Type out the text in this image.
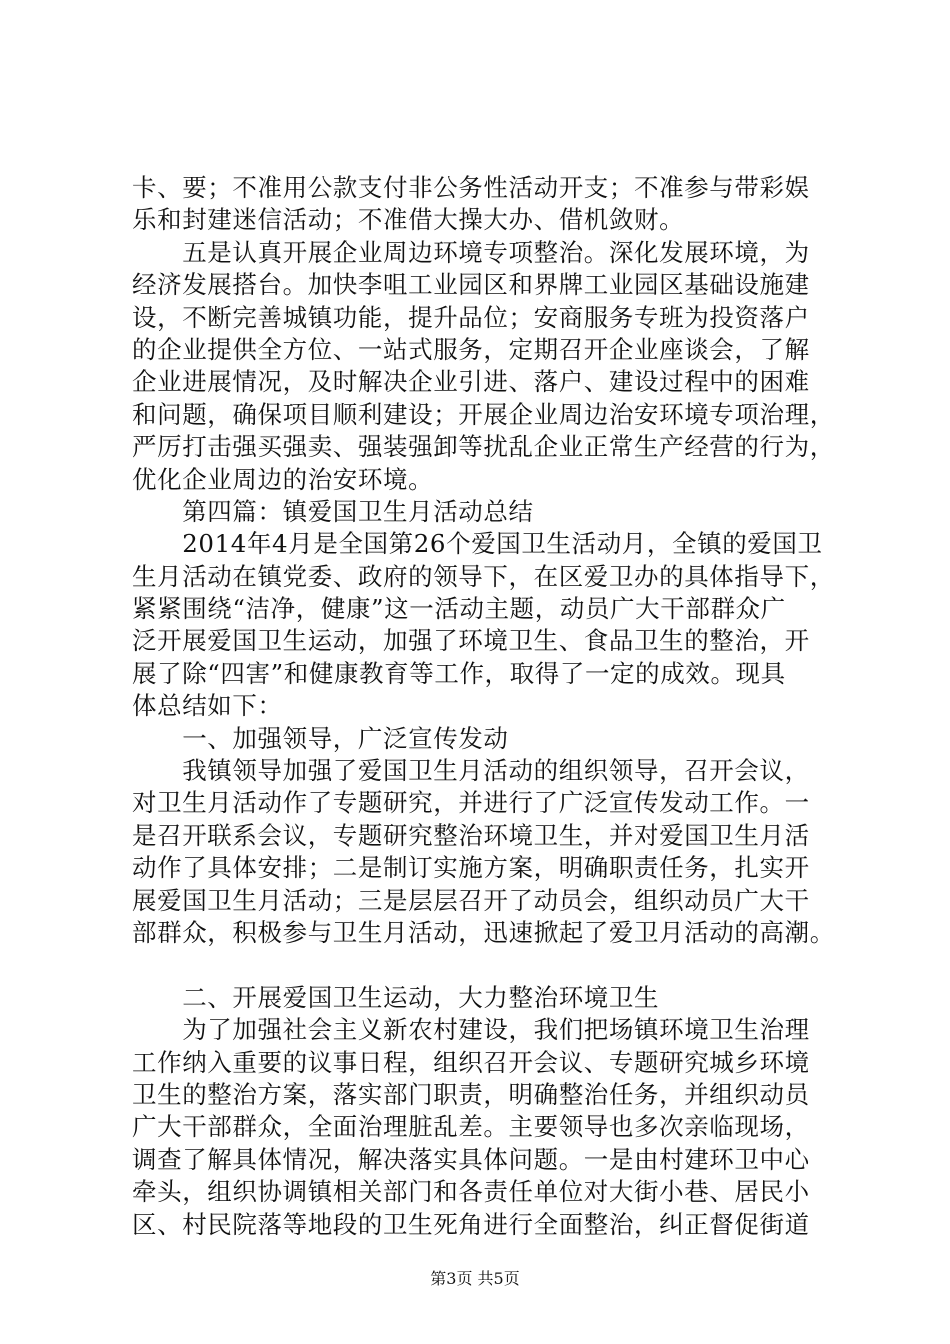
卡、要；不准用公款支付非公务性活动开支；不准参与带彩娱
乐和封建迷信活动；不准借大操大办、借机敛财。
　　五是认真开展企业周边环境专项整治。深化发展环境，为
经济发展搭台。加快李咀工业园区和界牌工业园区基础设施建
设，不断完善城镇功能，提升品位；安商服务专班为投资落户
的企业提供全方位、一站式服务，定期召开企业座谈会，了解
企业进展情况，及时解决企业引进、落户、建设过程中的困难
和问题，确保项目顺利建设；开展企业周边治安环境专项治理，
严厉打击强买强卖、强装强卸等扰乱企业正常生产经营的行为，
优化企业周边的治安环境。
　　第四篇：镇爱国卫生月活动总结
　　2014年4月是全国第26个爱国卫生活动月，全镇的爱国卫
生月活动在镇党委、政府的领导下，在区爱卫办的具体指导下，
紧紧围绕“洁净，健康”这一活动主题，动员广大干部群众广
泛开展爱国卫生运动，加强了环境卫生、食品卫生的整治，开
展了除“四害”和健康教育等工作，取得了一定的成效。现具
体总结如下：
　　一、加强领导，广泛宣传发动
　　我镇领导加强了爱国卫生月活动的组织领导，召开会议，
对卫生月活动作了专题研究，并进行了广泛宣传发动工作。一
是召开联系会议，专题研究整治环境卫生，并对爱国卫生月活
动作了具体安排；二是制订实施方案，明确职责任务，扎实开
展爱国卫生月活动；三是层层召开了动员会，组织动员广大干
部群众，积极参与卫生月活动，迅速掀起了爱卫月活动的高潮。
　　二、开展爱国卫生运动，大力整治环境卫生
　　为了加强社会主义新农村建设，我们把场镇环境卫生治理
工作纳入重要的议事日程，组织召开会议、专题研究城乡环境
卫生的整治方案，落实部门职责，明确整治任务，并组织动员
广大干部群众，全面治理脏乱差。主要领导也多次亲临现场，
调查了解具体情况，解决落实具体问题。一是由村建环卫中心
牵头，组织协调镇相关部门和各责任单位对大街小巷、居民小
区、村民院落等地段的卫生死角进行全面整治，纠正督促街道
第3页 共5页
